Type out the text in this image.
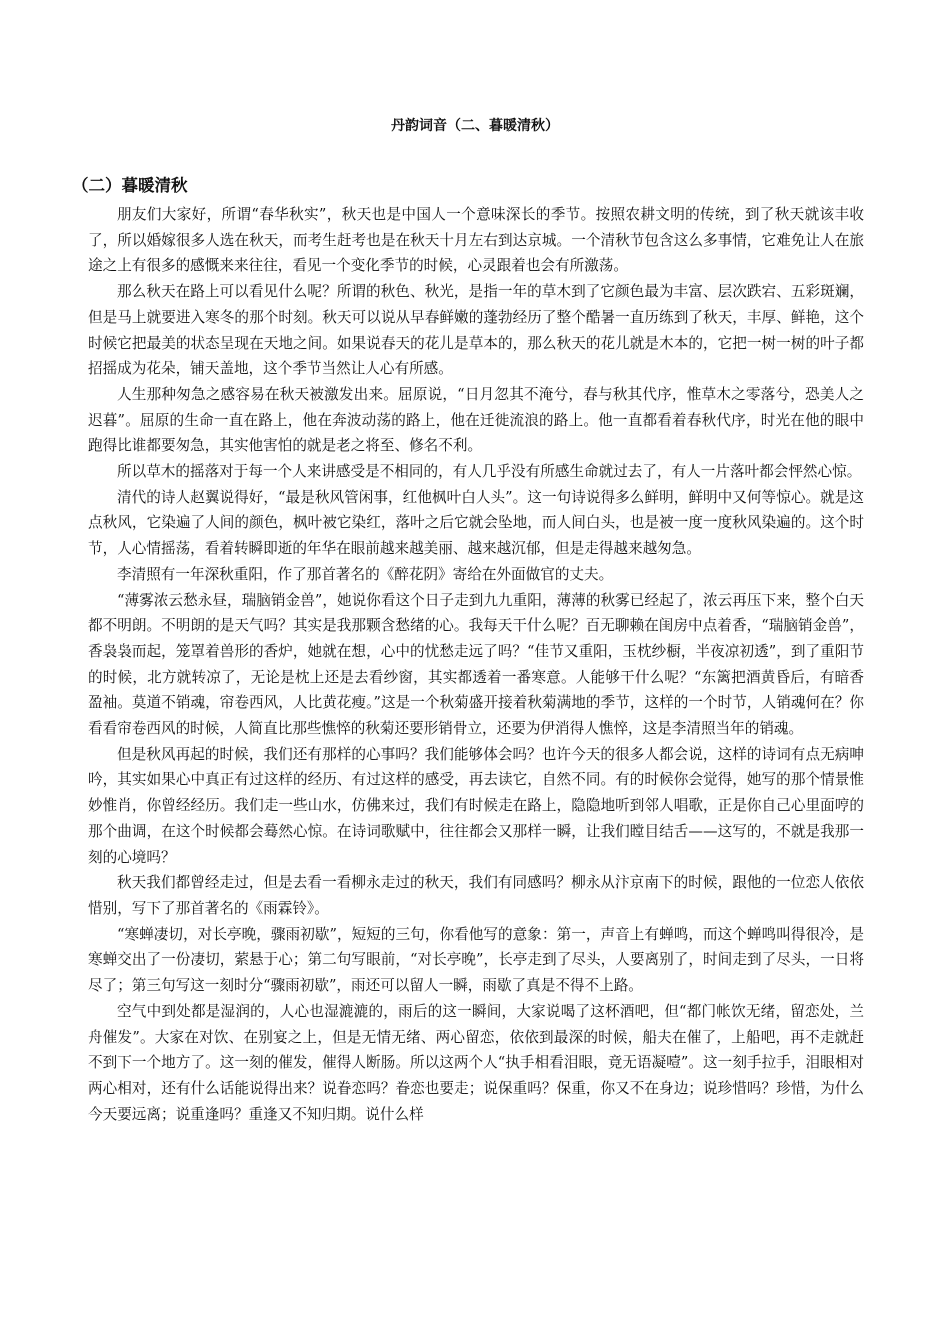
丹韵词音（二、暮暖清秋）
（二）暮暖清秋

朋友们大家好，所谓“春华秋实”，秋天也是中国人一个意味深长的季节。按照农耕文明的传统，到了秋天就该丰收了，所以婚嫁很多人选在秋天，而考生赶考也是在秋天十月左右到达京城。一个清秋节包含这么多事情，它难免让人在旅途之上有很多的感慨来来往往，看见一个变化季节的时候，心灵跟着也会有所激荡。

那么秋天在路上可以看见什么呢？所谓的秋色、秋光，是指一年的草木到了它颜色最为丰富、层次跌宕、五彩斑斓，但是马上就要进入寒冬的那个时刻。秋天可以说从早春鲜嫩的蓬勃经历了整个酷暑一直历练到了秋天，丰厚、鲜艳，这个时候它把最美的状态呈现在天地之间。如果说春天的花儿是草本的，那么秋天的花儿就是木本的，它把一树一树的叶子都招摇成为花朵，铺天盖地，这个季节当然让人心有所感。

人生那种匆急之感容易在秋天被激发出来。屈原说，“日月忽其不淹兮，春与秋其代序，惟草木之零落兮，恐美人之迟暮”。屈原的生命一直在路上，他在奔波动荡的路上，他在迁徙流浪的路上。他一直都看着春秋代序，时光在他的眼中跑得比谁都要匆急，其实他害怕的就是老之将至、修名不利。

所以草木的摇落对于每一个人来讲感受是不相同的，有人几乎没有所感生命就过去了，有人一片落叶都会怦然心惊。

清代的诗人赵翼说得好，“最是秋风管闲事，红他枫叶白人头”。这一句诗说得多么鲜明，鲜明中又何等惊心。就是这点秋风，它染遍了人间的颜色，枫叶被它染红，落叶之后它就会坠地，而人间白头，也是被一度一度秋风染遍的。这个时节，人心情摇荡，看着转瞬即逝的年华在眼前越来越美丽、越来越沉郁，但是走得越来越匆急。

李清照有一年深秋重阳，作了那首著名的《醉花阴》寄给在外面做官的丈夫。

“薄雾浓云愁永昼，瑞脑销金兽”，她说你看这个日子走到九九重阳，薄薄的秋雾已经起了，浓云再压下来，整个白天都不明朗。不明朗的是天气吗？其实是我那颗含愁绪的心。我每天干什么呢？百无聊赖在闺房中点着香，“瑞脑销金兽”，香袅袅而起，笼罩着兽形的香炉，她就在想，心中的忧愁走远了吗？“佳节又重阳，玉枕纱橱，半夜凉初透”，到了重阳节的时候，北方就转凉了，无论是枕上还是去看纱窗，其实都透着一番寒意。人能够干什么呢？“东篱把酒黄昏后，有暗香盈袖。莫道不销魂，帘卷西风，人比黄花瘦。”这是一个秋菊盛开接着秋菊满地的季节，这样的一个时节，人销魂何在？你看看帘卷西风的时候，人简直比那些憔悴的秋菊还要形销骨立，还要为伊消得人憔悴，这是李清照当年的销魂。

但是秋风再起的时候，我们还有那样的心事吗？我们能够体会吗？也许今天的很多人都会说，这样的诗词有点无病呻吟，其实如果心中真正有过这样的经历、有过这样的感受，再去读它，自然不同。有的时候你会觉得，她写的那个情景惟妙惟肖，你曾经经历。我们走一些山水，仿佛来过，我们有时候走在路上，隐隐地听到邻人唱歌，正是你自己心里面哼的那个曲调，在这个时候都会蓦然心惊。在诗词歌赋中，往往都会又那样一瞬，让我们瞠目结舌——这写的，不就是我那一刻的心境吗？

秋天我们都曾经走过，但是去看一看柳永走过的秋天，我们有同感吗？柳永从汴京南下的时候，跟他的一位恋人依依惜别，写下了那首著名的《雨霖铃》。

“寒蝉凄切，对长亭晚，骤雨初歇”，短短的三句，你看他写的意象：第一，声音上有蝉鸣，而这个蝉鸣叫得很冷，是寒蝉交出了一份凄切，萦悬于心；第二句写眼前，“对长亭晚”，长亭走到了尽头，人要离别了，时间走到了尽头，一日将尽了；第三句写这一刻时分“骤雨初歇”，雨还可以留人一瞬，雨歇了真是不得不上路。

空气中到处都是湿润的，人心也湿漉漉的，雨后的这一瞬间，大家说喝了这杯酒吧，但“都门帐饮无绪，留恋处，兰舟催发”。大家在对饮、在别宴之上，但是无情无绪、两心留恋，依依到最深的时候，船夫在催了，上船吧，再不走就赶不到下一个地方了。这一刻的催发，催得人断肠。所以这两个人“执手相看泪眼，竟无语凝噎”。这一刻手拉手，泪眼相对两心相对，还有什么话能说得出来？说眷恋吗？眷恋也要走；说保重吗？保重，你又不在身边；说珍惜吗？珍惜，为什么今天要远离；说重逢吗？重逢又不知归期。说什么样
